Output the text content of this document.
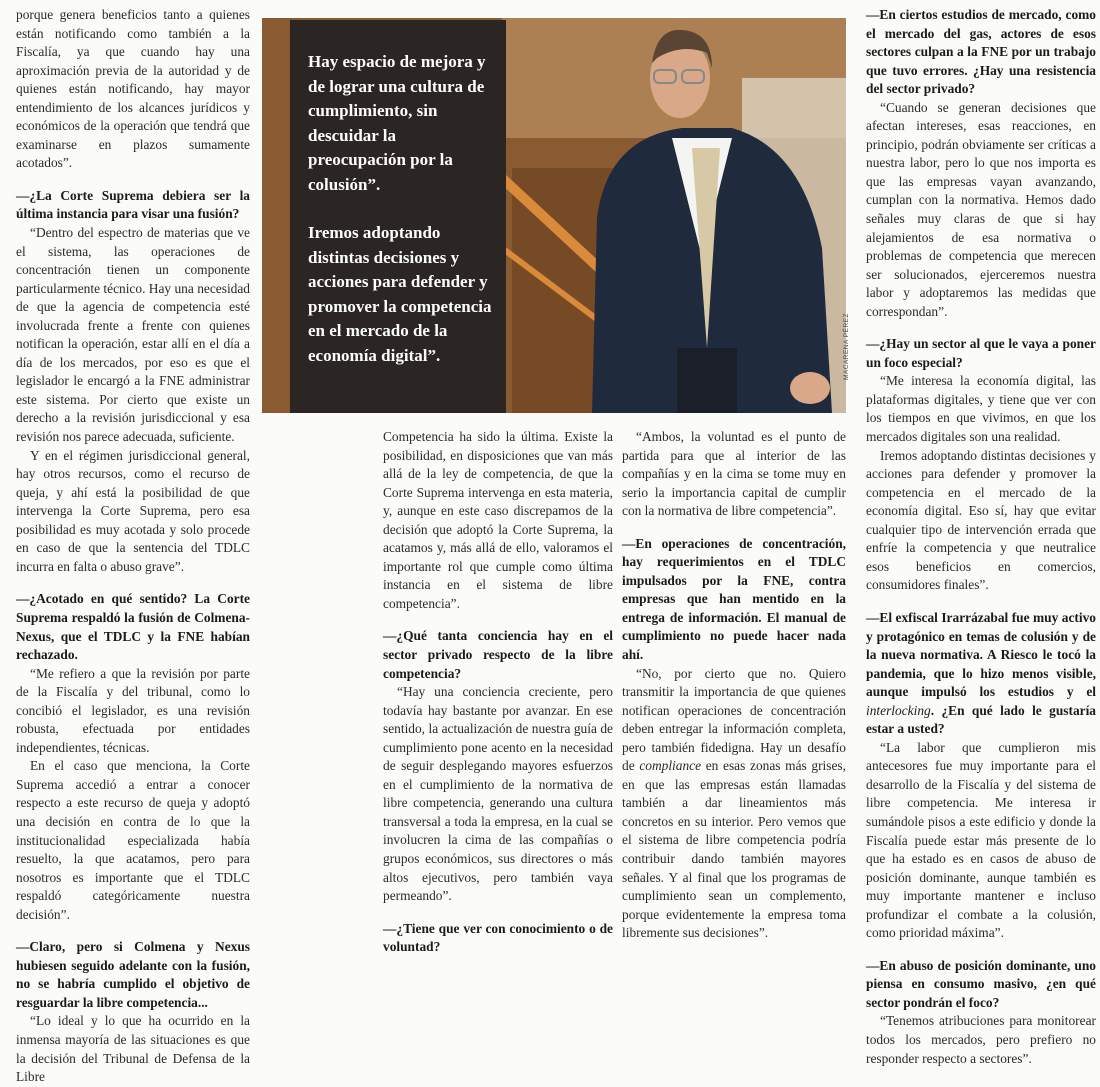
porque genera beneficios tanto a quienes están notificando como también a la Fiscalía, ya que cuando hay una aproximación previa de la autoridad y de quienes están notificando, hay mayor entendimiento de los alcances jurídicos y económicos de la operación que tendrá que examinarse en plazos sumamente acotados”.

—¿La Corte Suprema debiera ser la última instancia para visar una fusión?

“Dentro del espectro de materias que ve el sistema, las operaciones de concentración tienen un componente particularmente técnico. Hay una necesidad de que la agencia de competencia esté involucrada frente a frente con quienes notifican la operación, estar allí en el día a día de los mercados, por eso es que el legislador le encargó a la FNE administrar este sistema. Por cierto que existe un derecho a la revisión jurisdiccional y esa revisión nos parece adecuada, suficiente.

Y en el régimen jurisdiccional general, hay otros recursos, como el recurso de queja, y ahí está la posibilidad de que intervenga la Corte Suprema, pero esa posibilidad es muy acotada y solo procede en caso de que la sentencia del TDLC incurra en falta o abuso grave”.

—¿Acotado en qué sentido? La Corte Suprema respaldó la fusión de Colmena-Nexus, que el TDLC y la FNE habían rechazado.

“Me refiero a que la revisión por parte de la Fiscalía y del tribunal, como lo concibió el legislador, es una revisión robusta, efectuada por entidades independientes, técnicas.

En el caso que menciona, la Corte Suprema accedió a entrar a conocer respecto a este recurso de queja y adoptó una decisión en contra de lo que la institucionalidad especializada había resuelto, la que acatamos, pero para nosotros es importante que el TDLC respaldó categóricamente nuestra decisión”.

—Claro, pero si Colmena y Nexus hubiesen seguido adelante con la fusión, no se habría cumplido el objetivo de resguardar la libre competencia...

“Lo ideal y lo que ha ocurrido en la inmensa mayoría de las situaciones es que la decisión del Tribunal de Defensa de la Libre

Hay espacio de mejora y de lograr una cultura de cumplimiento, sin descuidar la preocupación por la colusión”.

Iremos adoptando distintas decisiones y acciones para defender y promover la competencia en el mercado de la economía digital”.	MACARENA PÉREZ

Competencia ha sido la última. Existe la posibilidad, en disposiciones que van más allá de la ley de competencia, de que la Corte Suprema intervenga en esta materia, y, aunque en este caso discrepamos de la decisión que adoptó la Corte Suprema, la acatamos y, más allá de ello, valoramos el importante rol que cumple como última instancia en el sistema de libre competencia”.

—¿Qué tanta conciencia hay en el sector privado respecto de la libre competencia?

“Hay una conciencia creciente, pero todavía hay bastante por avanzar. En ese sentido, la actualización de nuestra guía de cumplimiento pone acento en la necesidad de seguir desplegando mayores esfuerzos en el cumplimiento de la normativa de libre competencia, generando una cultura transversal a toda la empresa, en la cual se involucren la cima de las compañías o grupos económicos, sus directores o más altos ejecutivos, pero también vaya permeando”.

—¿Tiene que ver con conocimiento o de voluntad?

“Ambos, la voluntad es el punto de partida para que al interior de las compañías y en la cima se tome muy en serio la importancia capital de cumplir con la normativa de libre competencia”.

—En operaciones de concentración, hay requerimientos en el TDLC impulsados por la FNE, contra empresas que han mentido en la entrega de información. El manual de cumplimiento no puede hacer nada ahí.

“No, por cierto que no. Quiero transmitir la importancia de que quienes notifican operaciones de concentración deben entregar la información completa, pero también fidedigna. Hay un desafío de compliance en esas zonas más grises, en que las empresas están llamadas también a dar lineamientos más concretos en su interior. Pero vemos que el sistema de libre competencia podría contribuir dando también mayores señales. Y al final que los programas de cumplimiento sean un complemento, porque evidentemente la empresa toma libremente sus decisiones”.

—En ciertos estudios de mercado, como el mercado del gas, actores de esos sectores culpan a la FNE por un trabajo que tuvo errores. ¿Hay una resistencia del sector privado?

“Cuando se generan decisiones que afectan intereses, esas reacciones, en principio, podrán obviamente ser críticas a nuestra labor, pero lo que nos importa es que las empresas vayan avanzando, cumplan con la normativa. Hemos dado señales muy claras de que si hay alejamientos de esa normativa o problemas de competencia que merecen ser solucionados, ejerceremos nuestra labor y adoptaremos las medidas que correspondan”.

—¿Hay un sector al que le vaya a poner un foco especial?

“Me interesa la economía digital, las plataformas digitales, y tiene que ver con los tiempos en que vivimos, en que los mercados digitales son una realidad.

Iremos adoptando distintas decisiones y acciones para defender y promover la competencia en el mercado de la economía digital. Eso sí, hay que evitar cualquier tipo de intervención errada que enfríe la competencia y que neutralice esos beneficios en comercios, consumidores finales”.

—El exfiscal Irarrázabal fue muy activo y protagónico en temas de colusión y de la nueva normativa. A Riesco le tocó la pandemia, que lo hizo menos visible, aunque impulsó los estudios y el interlocking. ¿En qué lado le gustaría estar a usted?

“La labor que cumplieron mis antecesores fue muy importante para el desarrollo de la Fiscalía y del sistema de libre competencia. Me interesa ir sumándole pisos a este edificio y donde la Fiscalía puede estar más presente de lo que ha estado es en casos de abuso de posición dominante, aunque también es muy importante mantener e incluso profundizar el combate a la colusión, como prioridad máxima”.

—En abuso de posición dominante, uno piensa en consumo masivo, ¿en qué sector pondrán el foco?

“Tenemos atribuciones para monitorear todos los mercados, pero prefiero no responder respecto a sectores”.
